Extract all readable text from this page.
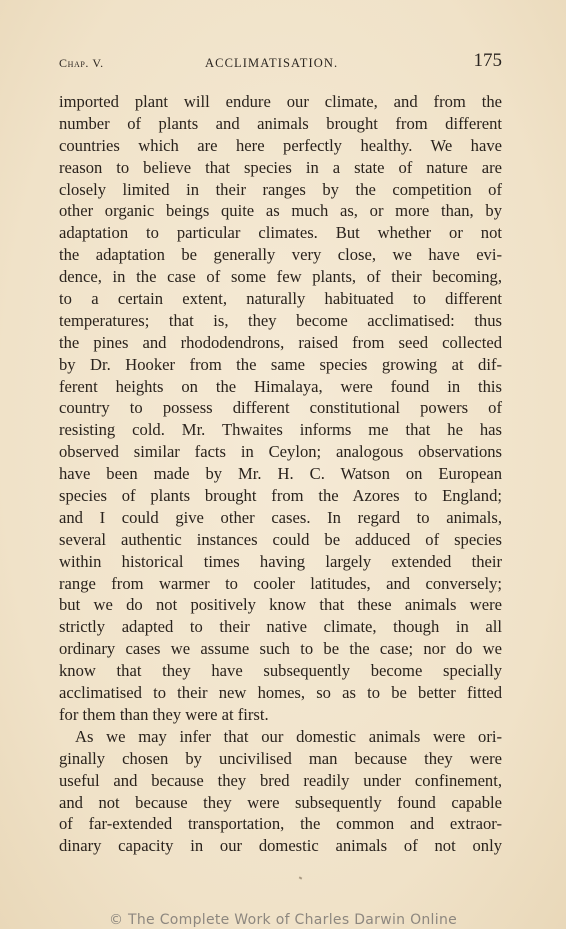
Chap. V.	ACCLIMATISATION.	175
imported plant will endure our climate, and from the
number of plants and animals brought from different
countries which are here perfectly healthy. We have
reason to believe that species in a state of nature are
closely limited in their ranges by the competition of
other organic beings quite as much as, or more than, by
adaptation to particular climates. But whether or not
the adaptation be generally very close, we have evi-
dence, in the case of some few plants, of their becoming,
to a certain extent, naturally habituated to different
temperatures; that is, they become acclimatised: thus
the pines and rhododendrons, raised from seed collected
by Dr. Hooker from the same species growing at dif-
ferent heights on the Himalaya, were found in this
country to possess different constitutional powers of
resisting cold. Mr. Thwaites informs me that he has
observed similar facts in Ceylon; analogous observations
have been made by Mr. H. C. Watson on European
species of plants brought from the Azores to England;
and I could give other cases. In regard to animals,
several authentic instances could be adduced of species
within historical times having largely extended their
range from warmer to cooler latitudes, and conversely;
but we do not positively know that these animals were
strictly adapted to their native climate, though in all
ordinary cases we assume such to be the case; nor do we
know that they have subsequently become specially
acclimatised to their new homes, so as to be better fitted
for them than they were at first.
As we may infer that our domestic animals were ori-
ginally chosen by uncivilised man because they were
useful and because they bred readily under confinement,
and not because they were subsequently found capable
of far-extended transportation, the common and extraor-
dinary capacity in our domestic animals of not only
© The Complete Work of Charles Darwin Online
